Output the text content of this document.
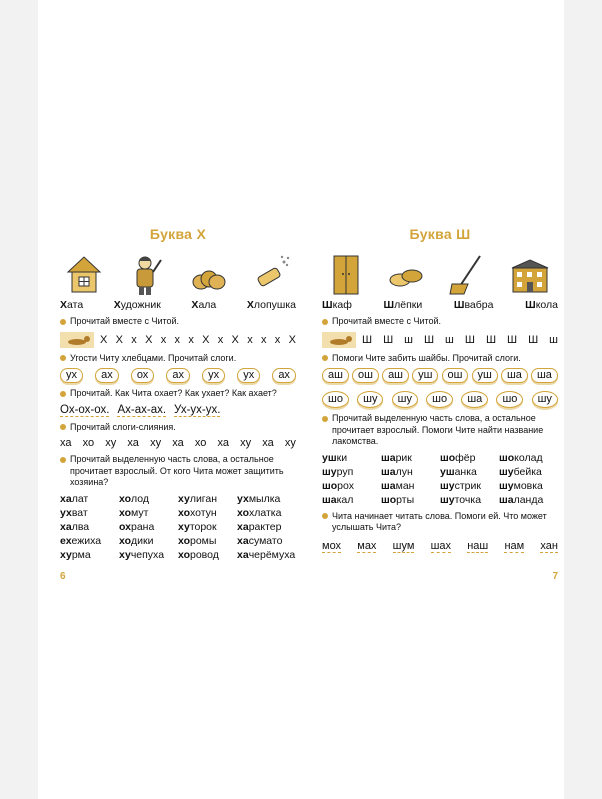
Буква Х
Хата	Художник	Хала	Хлопушка
Прочитай вместе с Читой.
Х Х х Х х х х Х х Х х х х Х
Угости Читу хлебцами. Прочитай слоги.
ух	ах	ох	ах	ух	ух	ах
Прочитай. Как Чита охает? Как ухает? Как ахает?
Ох-ох-ох. Ах-ах-ах. Ух-ух-ух.
Прочитай слоги-слияния.
ха хо ху ха ху ха хо ха ху ха ху
Прочитай выделенную часть слова, а остальное прочитает взрослый. От кого Чита может защитить хозяина?
халат	холод	хулиган	ухмылка
ухват	хомут	хохотун	хохлатка
халва	охрана	хуторок	характер
ехежиха	ходики	хоромы	хасумато
хурма	хучепуха	хоровод	хачерёмуха
6
Буква Ш
Шкаф	Шлёпки	Швабра	Школа
Прочитай вместе с Читой.
Ш Ш ш Ш ш Ш Ш Ш Ш ш
Помоги Чите забить шайбы. Прочитай слоги.
аш	ош	аш	уш	ош	уш	ша	ша
шо	шу	шу	шо	ша	шо	шу
Прочитай выделенную часть слова, а остальное прочитает взрослый. Помоги Чите найти название лакомства.
ушки	шарик	шофёр	шоколад
шуруп	шалун	ушанка	шубейка
шорох	шаман	шустрик	шумовка
шакал	шорты	шуточка	шаланда
Чита начинает читать слова. Помоги ей. Что может услышать Чита?
мох мах шум шах наш нам хан
7
